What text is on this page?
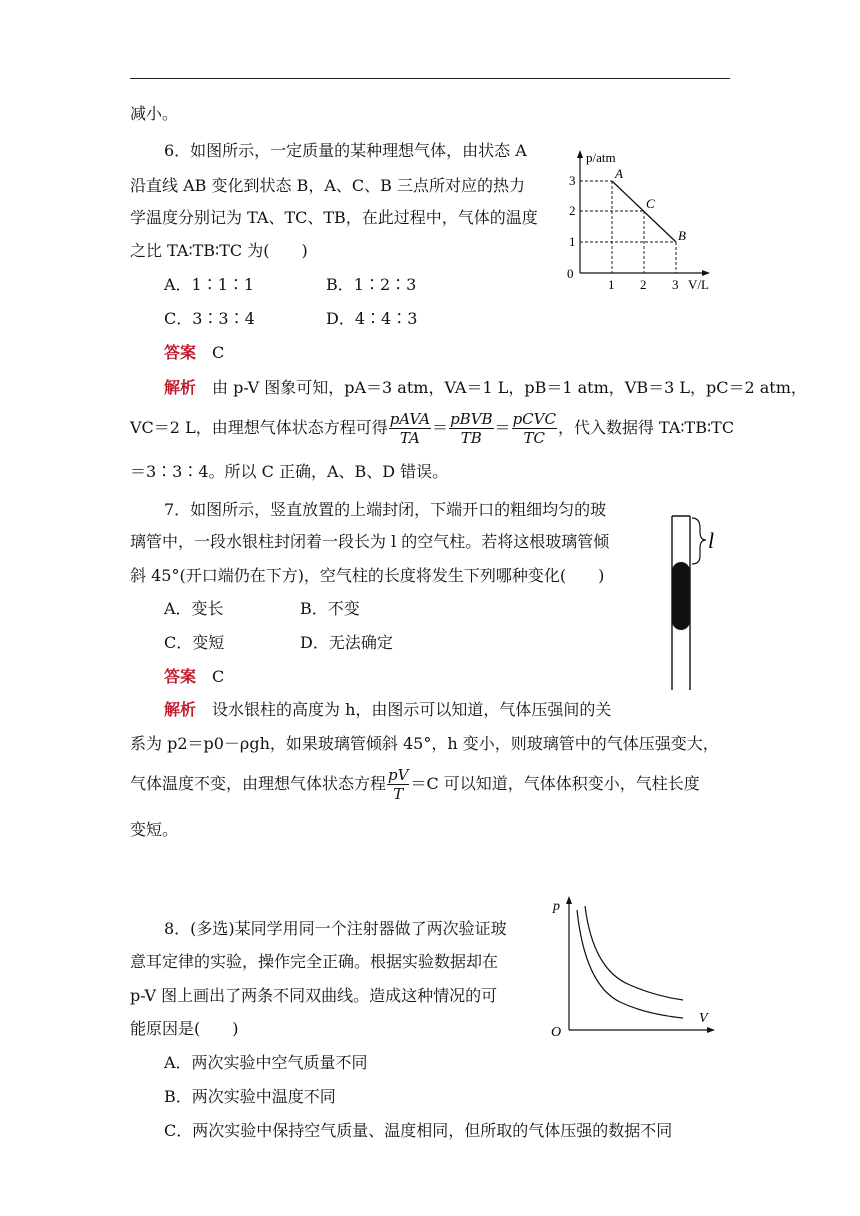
减小。
6．如图所示，一定质量的某种理想气体，由状态 A
沿直线 AB 变化到状态 B，A、C、B 三点所对应的热力
学温度分别记为 TA、TC、TB，在此过程中，气体的温度
之比 TA∶TB∶TC 为(　　)
A．1∶1∶1	B．1∶2∶3
C．3∶3∶4	D．4∶4∶3
答案　 C
解析　 由 p-V 图象可知，pA＝3 atm，VA＝1 L，pB＝1 atm，VB＝3 L，pC＝2 atm，
VC＝2 L，由理想气体状态方程可得 $\frac{\text{pAVA}}{TA} = \frac{\text{pBVB}}{TB} = \frac{\text{pCVC}}{TC}$ ，代入数据得 TA∶TB∶TC
＝3∶3∶4。所以 C 正确，A、B、D 错误。
p/atm
V/L
0
1 2 3
1
2
3	A
C
B
7．如图所示，竖直放置的上端封闭，下端开口的粗细均匀的玻
璃管中，一段水银柱封闭着一段长为 l 的空气柱。若将这根玻璃管倾
斜 45°(开口端仍在下方)，空气柱的长度将发生下列哪种变化(　　)
A．变长	B．不变
C．变短	D．无法确定
答案　 C
解析　 设水银柱的高度为 h，由图示可以知道，气体压强间的关
系为 p2＝p0－ρgh，如果玻璃管倾斜 45°，h 变小，则玻璃管中的气体压强变大，
气体温度不变，由理想气体状态方程 $\frac{pV}{T} =C$ 可以知道，气体体积变小，气柱长度
变短。
l
8．(多选)某同学用同一个注射器做了两次验证玻
意耳定律的实验，操作完全正确。根据实验数据却在
p-V 图上画出了两条不同双曲线。造成这种情况的可
能原因是(　　)
A．两次实验中空气质量不同
B．两次实验中温度不同
C．两次实验中保持空气质量、温度相同，但所取的气体压强的数据不同
p
V
O
